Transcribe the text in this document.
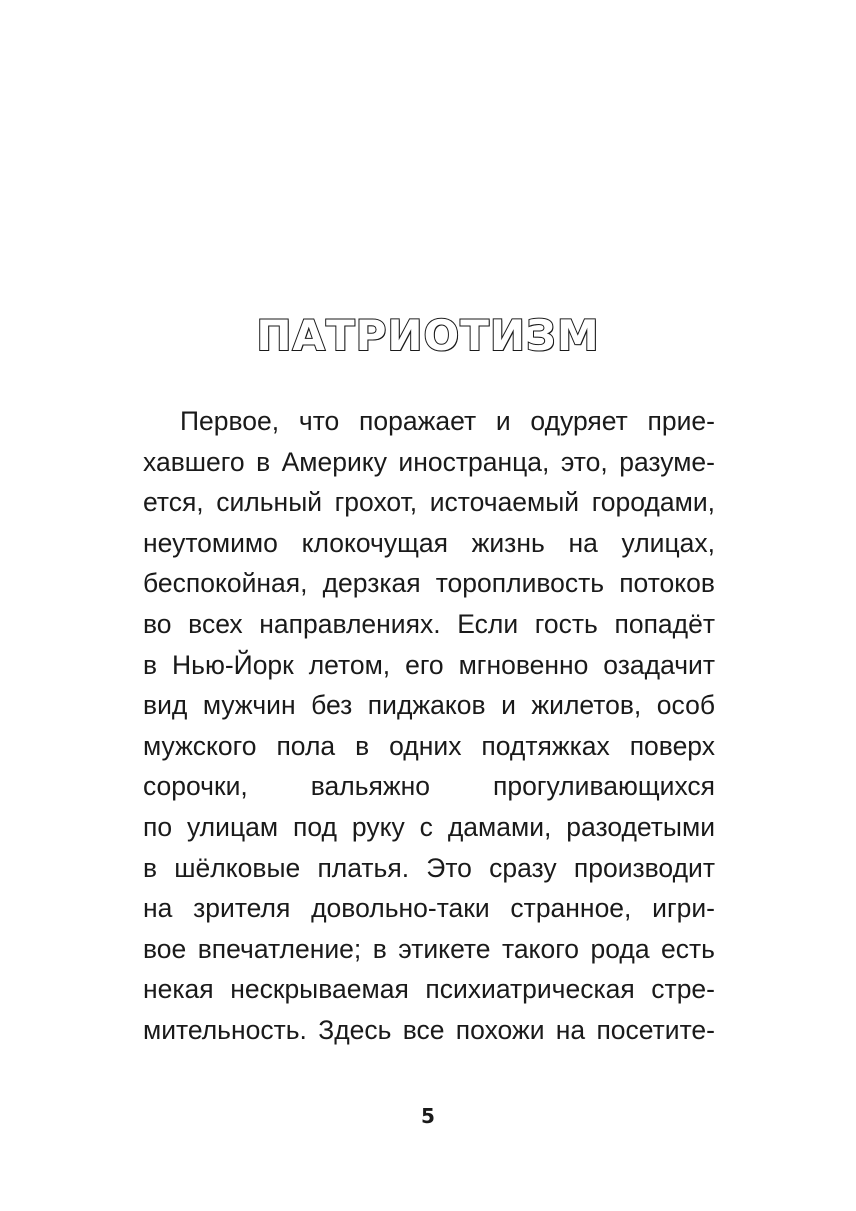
ПАТРИОТИЗМ
Первое, что поражает и одуряет прие-
хавшего в Америку иностранца, это, разуме-
ется, сильный грохот, источаемый городами,
неутомимо клокочущая жизнь на улицах,
беспокойная, дерзкая торопливость потоков
во всех направлениях. Если гость попадёт
в Нью-Йорк летом, его мгновенно озадачит
вид мужчин без пиджаков и жилетов, особ
мужского пола в одних подтяжках поверх
сорочки, вальяжно прогуливающихся
по улицам под руку с дамами, разодетыми
в шёлковые платья. Это сразу производит
на зрителя довольно-таки странное, игри-
вое впечатление; в этикете такого рода есть
некая нескрываемая психиатрическая стре-
мительность. Здесь все похожи на посетите-
5
